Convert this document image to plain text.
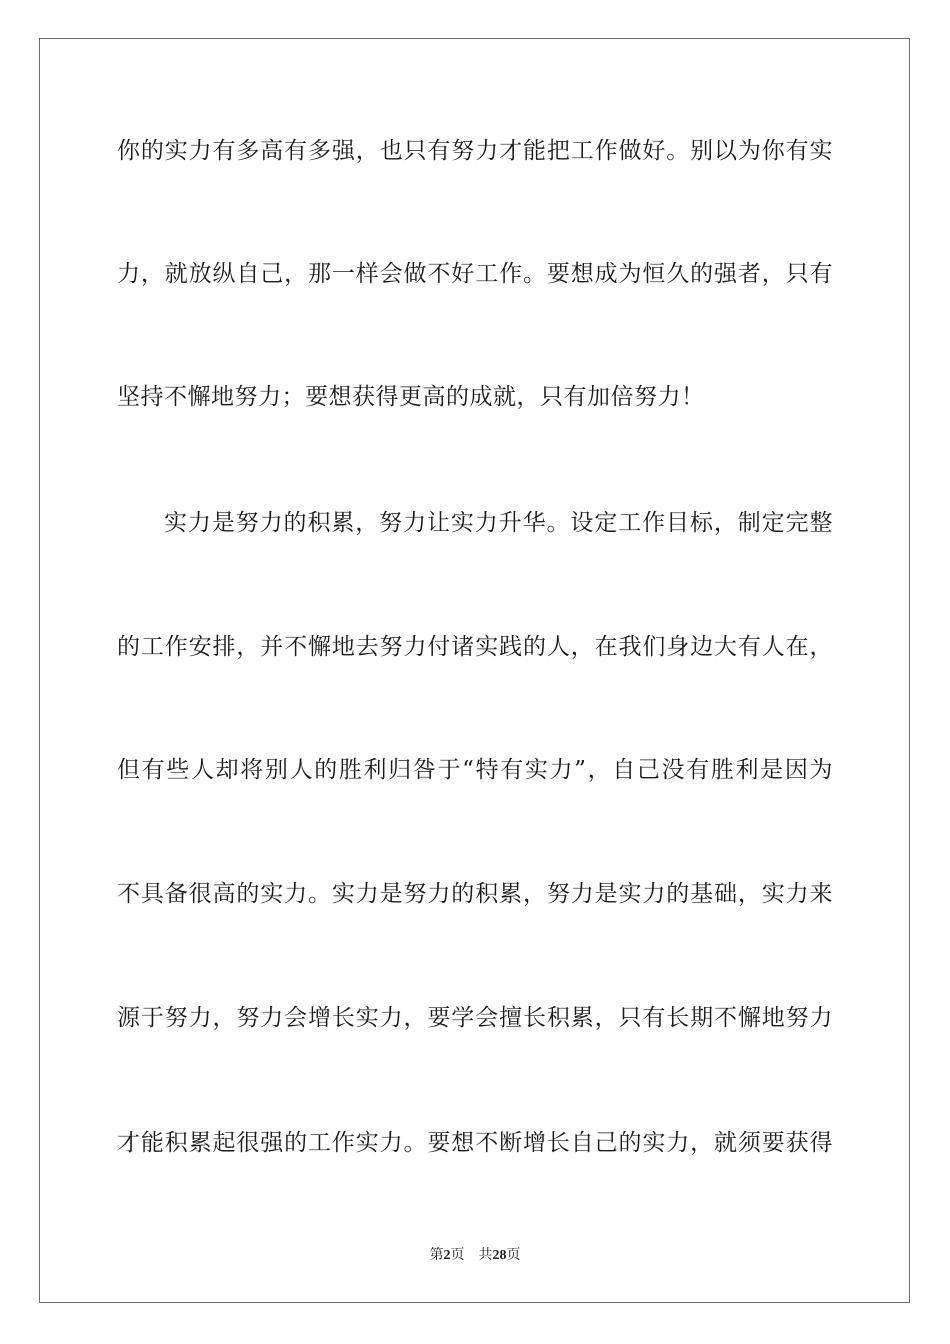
你的实力有多高有多强，也只有努力才能把工作做好。别以为你有实
力，就放纵自己，那一样会做不好工作。要想成为恒久的强者，只有
坚持不懈地努力；要想获得更高的成就，只有加倍努力！
实力是努力的积累，努力让实力升华。设定工作目标，制定完整
的工作安排，并不懈地去努力付诸实践的人，在我们身边大有人在，
但有些人却将别人的胜利归咎于“特有实力”，自己没有胜利是因为
不具备很高的实力。实力是努力的积累，努力是实力的基础，实力来
源于努力，努力会增长实力，要学会擅长积累，只有长期不懈地努力
才能积累起很强的工作实力。要想不断增长自己的实力，就须要获得
第2页 共28页
